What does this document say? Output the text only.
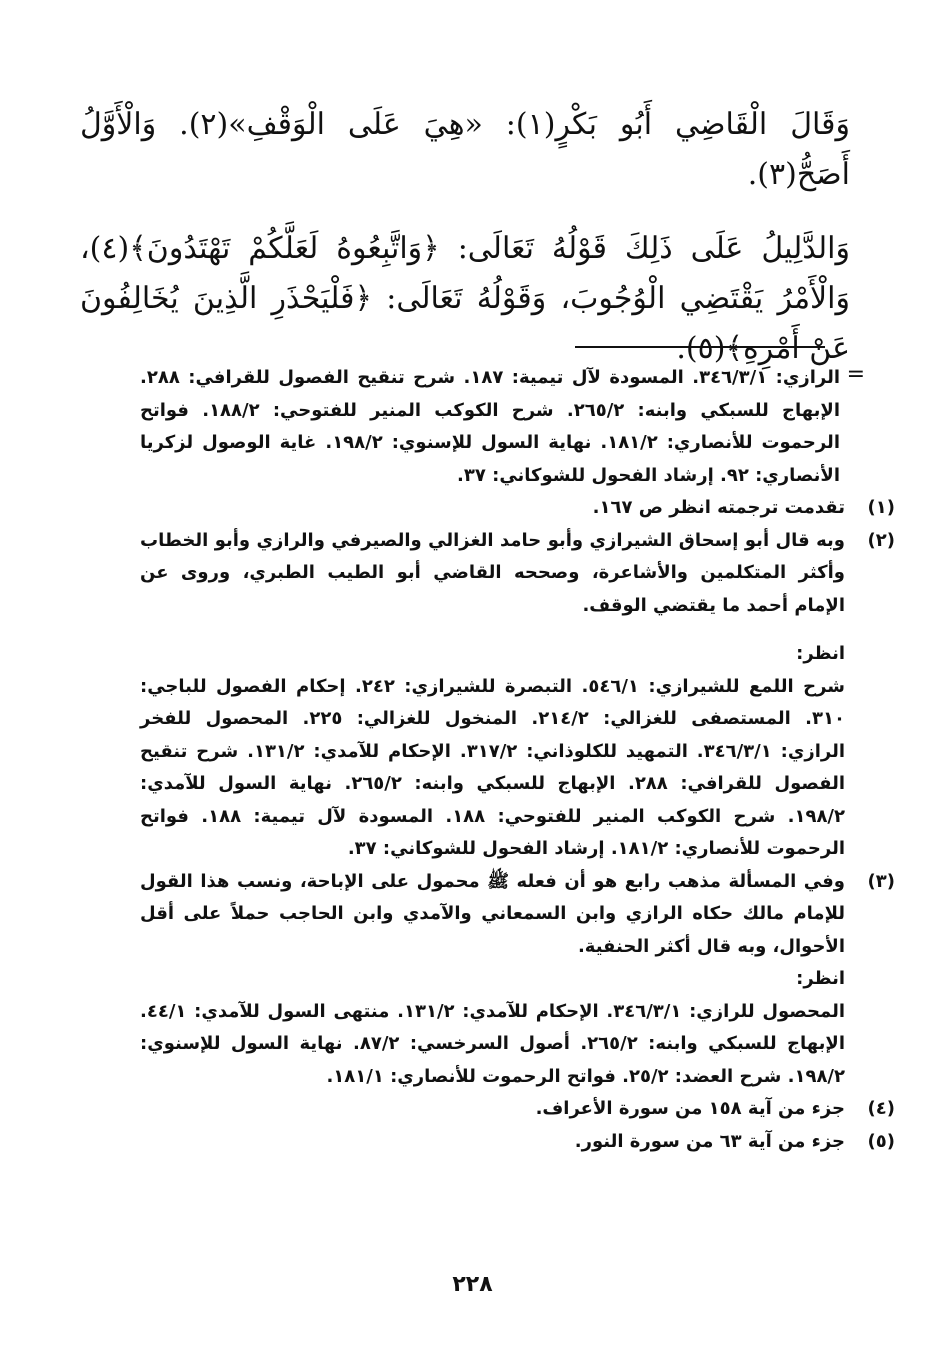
وَقَالَ الْقَاضِي أَبُو بَكْرٍ(١): «هِيَ عَلَى الْوَقْفِ»(٢). وَالْأَوَّلُ أَصَحُّ(٣).

وَالدَّلِيلُ عَلَى ذَلِكَ قَوْلُهُ تَعَالَى: ﴿وَاتَّبِعُوهُ لَعَلَّكُمْ تَهْتَدُونَ﴾(٤)، وَالْأَمْرُ يَقْتَضِي الْوُجُوبَ، وَقَوْلُهُ تَعَالَى: ﴿فَلْيَحْذَرِ الَّذِينَ يُخَالِفُونَ عَنْ أَمْرِهِ﴾(٥).

=

الرازي: ٣٤٦/٣/١. المسودة لآل تيمية: ١٨٧. شرح تنقيح الفصول للقرافي: ٢٨٨. الإبهاج للسبكي وابنه: ٢٦٥/٢. شرح الكوكب المنير للفتوحي: ١٨٨/٢. فواتح الرحموت للأنصاري: ١٨١/٢. نهاية السول للإسنوي: ١٩٨/٢. غاية الوصول لزكريا الأنصاري: ٩٢. إرشاد الفحول للشوكاني: ٣٧.

(١)

تقدمت ترجمته انظر ص ١٦٧.

(٢)

وبه قال أبو إسحاق الشيرازي وأبو حامد الغزالي والصيرفي والرازي وأبو الخطاب وأكثر المتكلمين والأشاعرة، وصححه القاضي أبو الطيب الطبري، وروى عن الإمام أحمد ما يقتضي الوقف.

انظر:

شرح اللمع للشيرازي: ٥٤٦/١. التبصرة للشيرازي: ٢٤٢. إحكام الفصول للباجي: ٣١٠. المستصفى للغزالي: ٢١٤/٢. المنخول للغزالي: ٢٢٥. المحصول للفخر الرازي: ٣٤٦/٣/١. التمهيد للكلوذاني: ٣١٧/٢. الإحكام للآمدي: ١٣١/٢. شرح تنقيح الفصول للقرافي: ٢٨٨. الإبهاج للسبكي وابنه: ٢٦٥/٢. نهاية السول للآمدي: ١٩٨/٢. شرح الكوكب المنير للفتوحي: ١٨٨. المسودة لآل تيمية: ١٨٨. فواتح الرحموت للأنصاري: ١٨١/٢. إرشاد الفحول للشوكاني: ٣٧.

(٣)

وفي المسألة مذهب رابع هو أن فعله ﷺ محمول على الإباحة، ونسب هذا القول للإمام مالك حكاه الرازي وابن السمعاني والآمدي وابن الحاجب حملاً على أقل الأحوال، وبه قال أكثر الحنفية.

انظر:

المحصول للرازي: ٣٤٦/٣/١. الإحكام للآمدي: ١٣١/٢. منتهى السول للآمدي: ٤٤/١. الإبهاج للسبكي وابنه: ٢٦٥/٢. أصول السرخسي: ٨٧/٢. نهاية السول للإسنوي: ١٩٨/٢. شرح العضد: ٢٥/٢. فواتح الرحموت للأنصاري: ١٨١/١.

(٤)

جزء من آية ١٥٨ من سورة الأعراف.

(٥)

جزء من آية ٦٣ من سورة النور.

٢٢٨
